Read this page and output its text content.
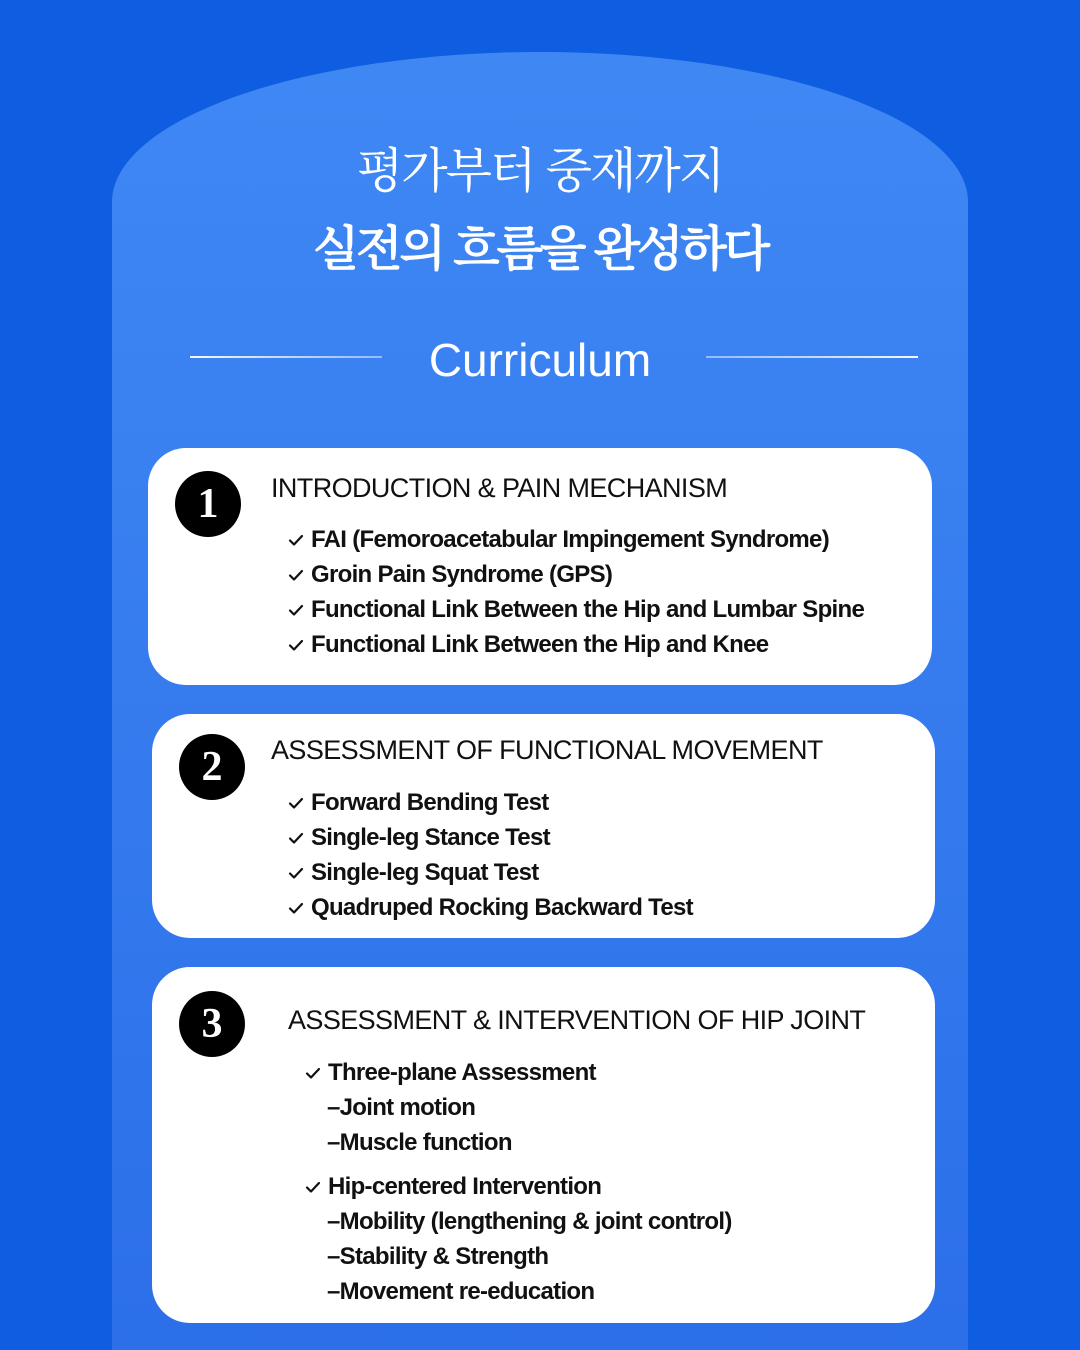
평가부터 중재까지
실전의 흐름을 완성하다
Curriculum
1	INTRODUCTION & PAIN MECHANISM
FAI (Femoroacetabular Impingement Syndrome)
Groin Pain Syndrome (GPS)
Functional Link Between the Hip and Lumbar Spine
Functional Link Between the Hip and Knee
2	ASSESSMENT OF FUNCTIONAL MOVEMENT
Forward Bending Test
Single-leg Stance Test
Single-leg Squat Test
Quadruped Rocking Backward Test
3	ASSESSMENT & INTERVENTION OF HIP JOINT
Three-plane Assessment
–Joint motion
–Muscle function
Hip-centered Intervention
–Mobility (lengthening & joint control)
–Stability & Strength
–Movement re-education
